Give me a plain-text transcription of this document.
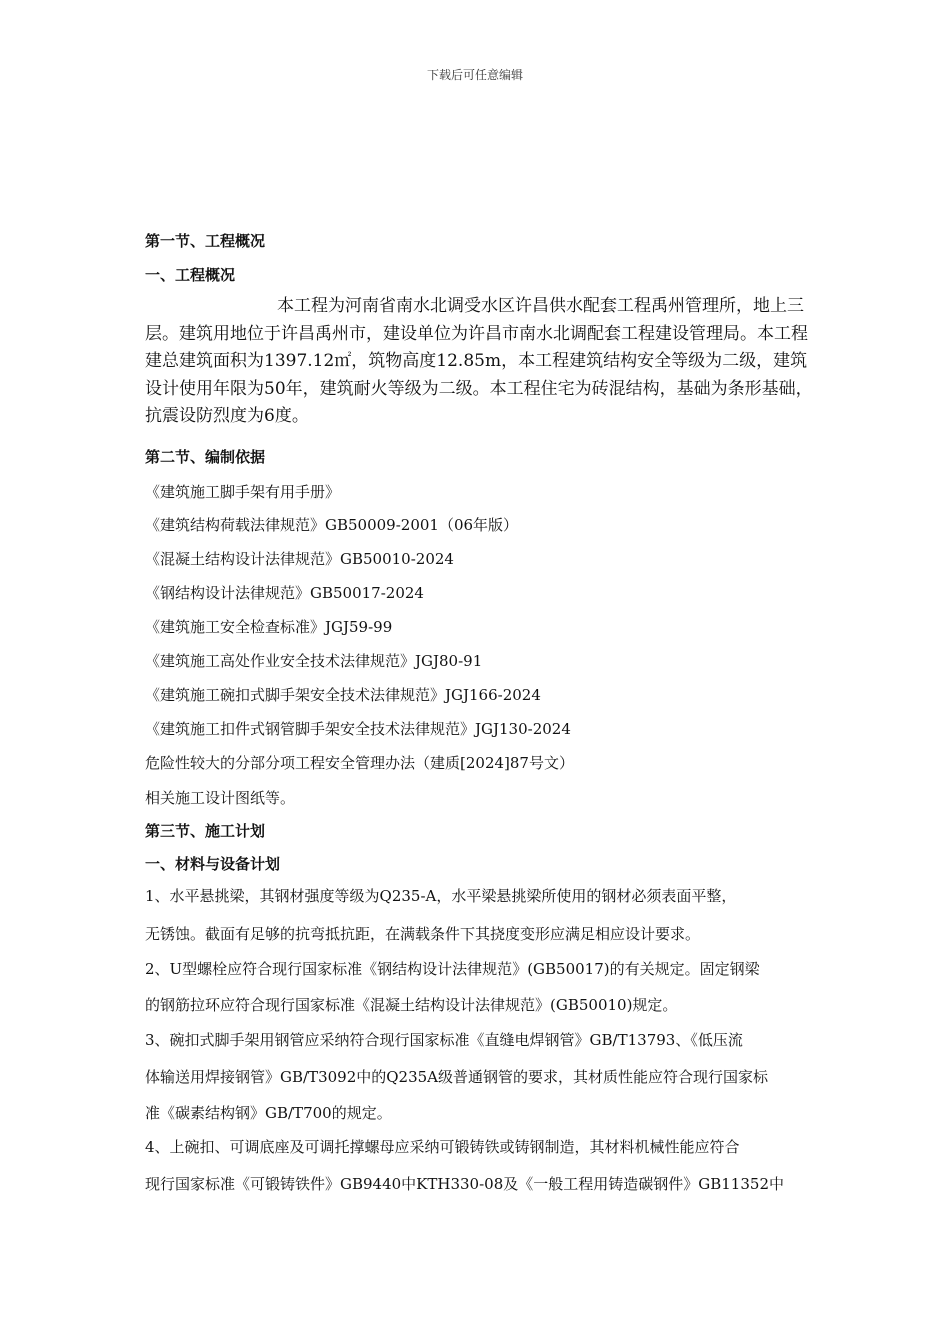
下载后可任意编辑
第一节、工程概况
一、工程概况
本工程为河南省南水北调受水区许昌供水配套工程禹州管理所，地上三层。建筑用地位于许昌禹州市，建设单位为许昌市南水北调配套工程建设管理局。本工程建总建筑面积为1397.12㎡，筑物高度12.85m，本工程建筑结构安全等级为二级，建筑设计使用年限为50年，建筑耐火等级为二级。本工程住宅为砖混结构，基础为条形基础，抗震设防烈度为6度。
第二节、编制依据
《建筑施工脚手架有用手册》
《建筑结构荷载法律规范》GB50009-2001（06年版）
《混凝土结构设计法律规范》GB50010-2024
《钢结构设计法律规范》GB50017-2024
《建筑施工安全检查标准》JGJ59-99
《建筑施工高处作业安全技术法律规范》JGJ80-91
《建筑施工碗扣式脚手架安全技术法律规范》JGJ166-2024
《建筑施工扣件式钢管脚手架安全技术法律规范》JGJ130-2024
危险性较大的分部分项工程安全管理办法（建质[2024]87号文）
相关施工设计图纸等。
第三节、施工计划
一、材料与设备计划
1、水平悬挑梁，其钢材强度等级为Q235-A，水平梁悬挑梁所使用的钢材必须表面平整，
无锈蚀。截面有足够的抗弯抵抗距，在满载条件下其挠度变形应满足相应设计要求。
2、U型螺栓应符合现行国家标准《钢结构设计法律规范》(GB50017)的有关规定。固定钢梁
的钢筋拉环应符合现行国家标准《混凝土结构设计法律规范》(GB50010)规定。
3、碗扣式脚手架用钢管应采纳符合现行国家标准《直缝电焊钢管》GB/T13793、《低压流
体输送用焊接钢管》GB/T3092中的Q235A级普通钢管的要求，其材质性能应符合现行国家标
准《碳素结构钢》GB/T700的规定。
4、上碗扣、可调底座及可调托撑螺母应采纳可锻铸铁或铸钢制造，其材料机械性能应符合
现行国家标准《可锻铸铁件》GB9440中KTH330-08及《一般工程用铸造碳钢件》GB11352中
